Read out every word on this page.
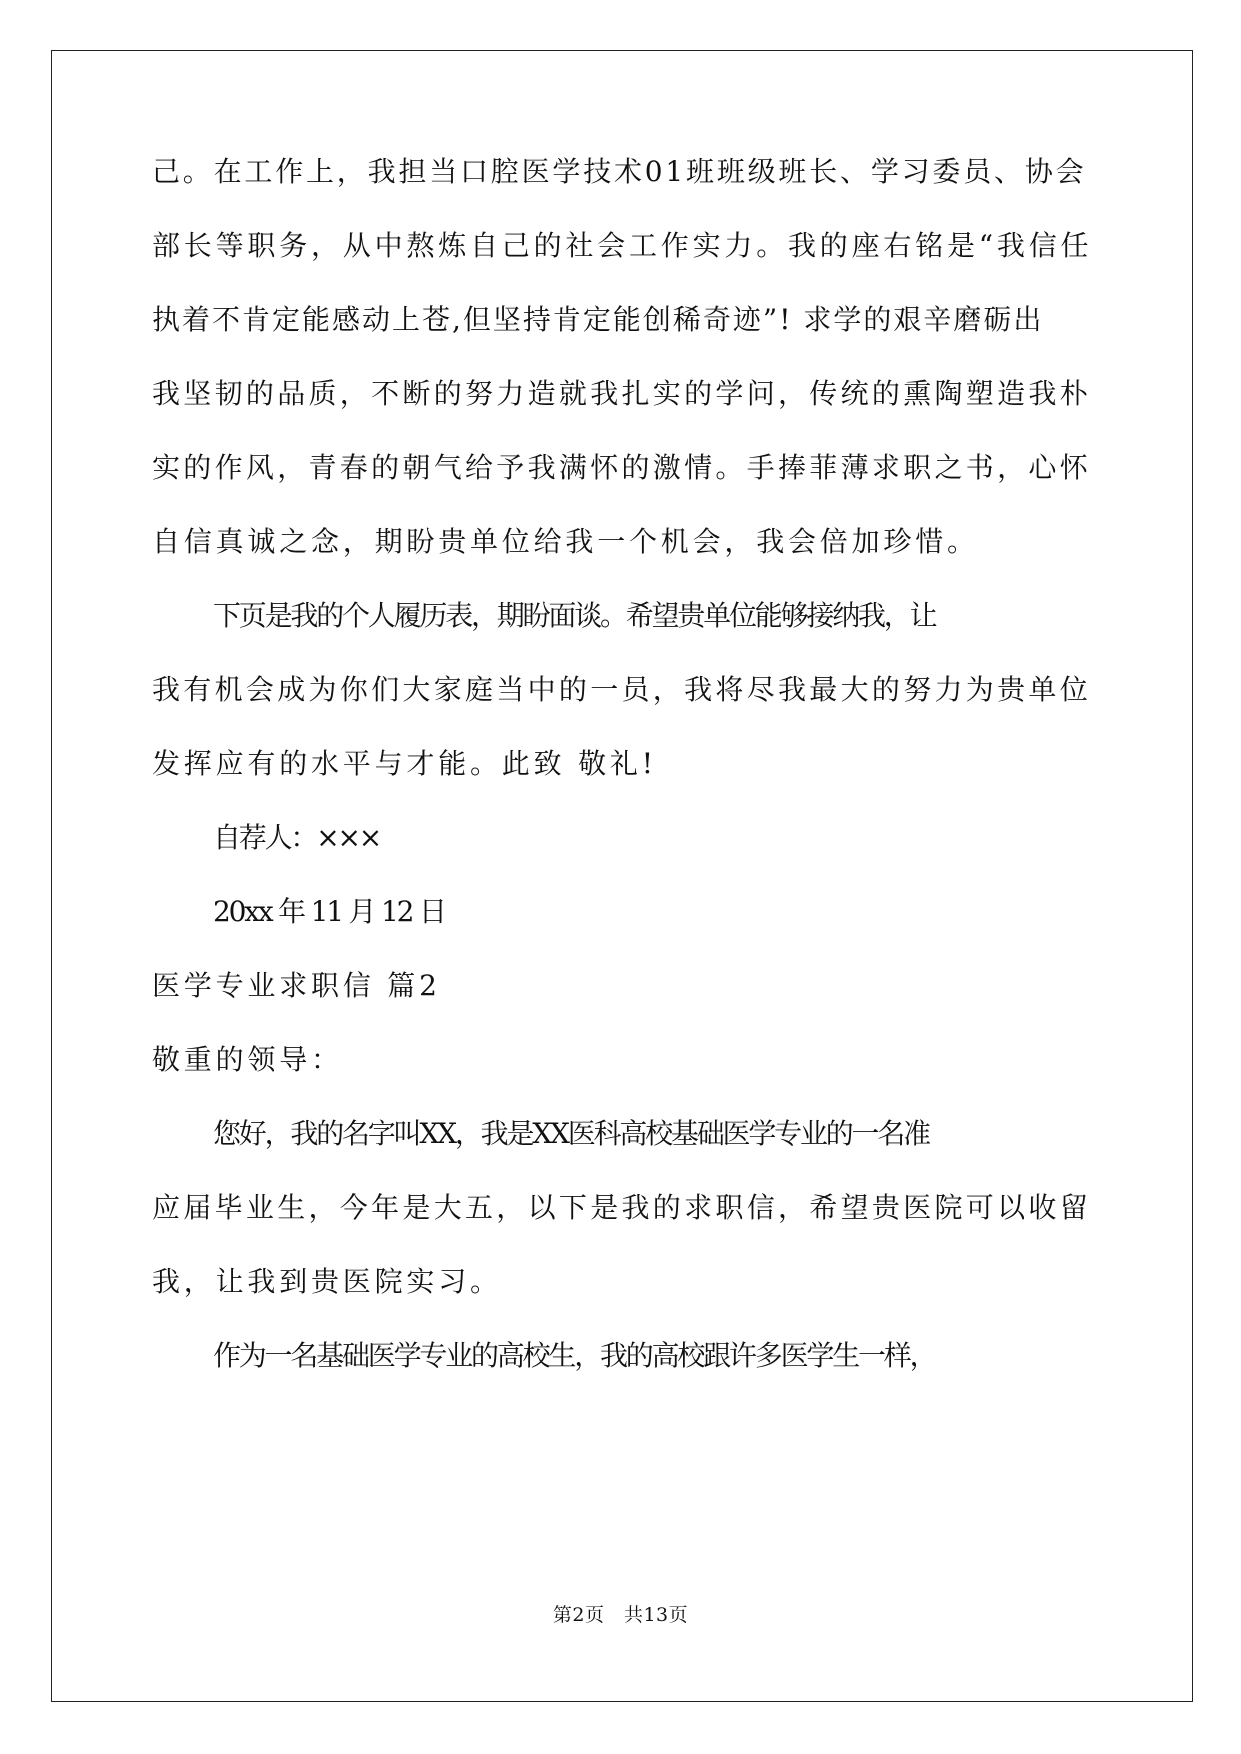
己。在工作上，我担当口腔医学技术01班班级班长、学习委员、协会
部长等职务，从中熬炼自己的社会工作实力。我的座右铭是“我信任
执着不肯定能感动上苍,但坚持肯定能创稀奇迹”! 求学的艰辛磨砺出
我坚韧的品质，不断的努力造就我扎实的学问，传统的熏陶塑造我朴
实的作风，青春的朝气给予我满怀的激情。手捧菲薄求职之书，心怀
自信真诚之念，期盼贵单位给我一个机会，我会倍加珍惜。
下页是我的个人履历表，期盼面谈。希望贵单位能够接纳我，让
我有机会成为你们大家庭当中的一员，我将尽我最大的努力为贵单位
发挥应有的水平与才能。此致 敬礼!
自荐人：×××
20xx 年 11 月 12 日
医学专业求职信 篇2
敬重的领导：
您好，我的名字叫XX，我是XX医科高校基础医学专业的一名准
应届毕业生，今年是大五，以下是我的求职信，希望贵医院可以收留
我，让我到贵医院实习。
作为一名基础医学专业的高校生，我的高校跟许多医学生一样，
第2页　共13页
